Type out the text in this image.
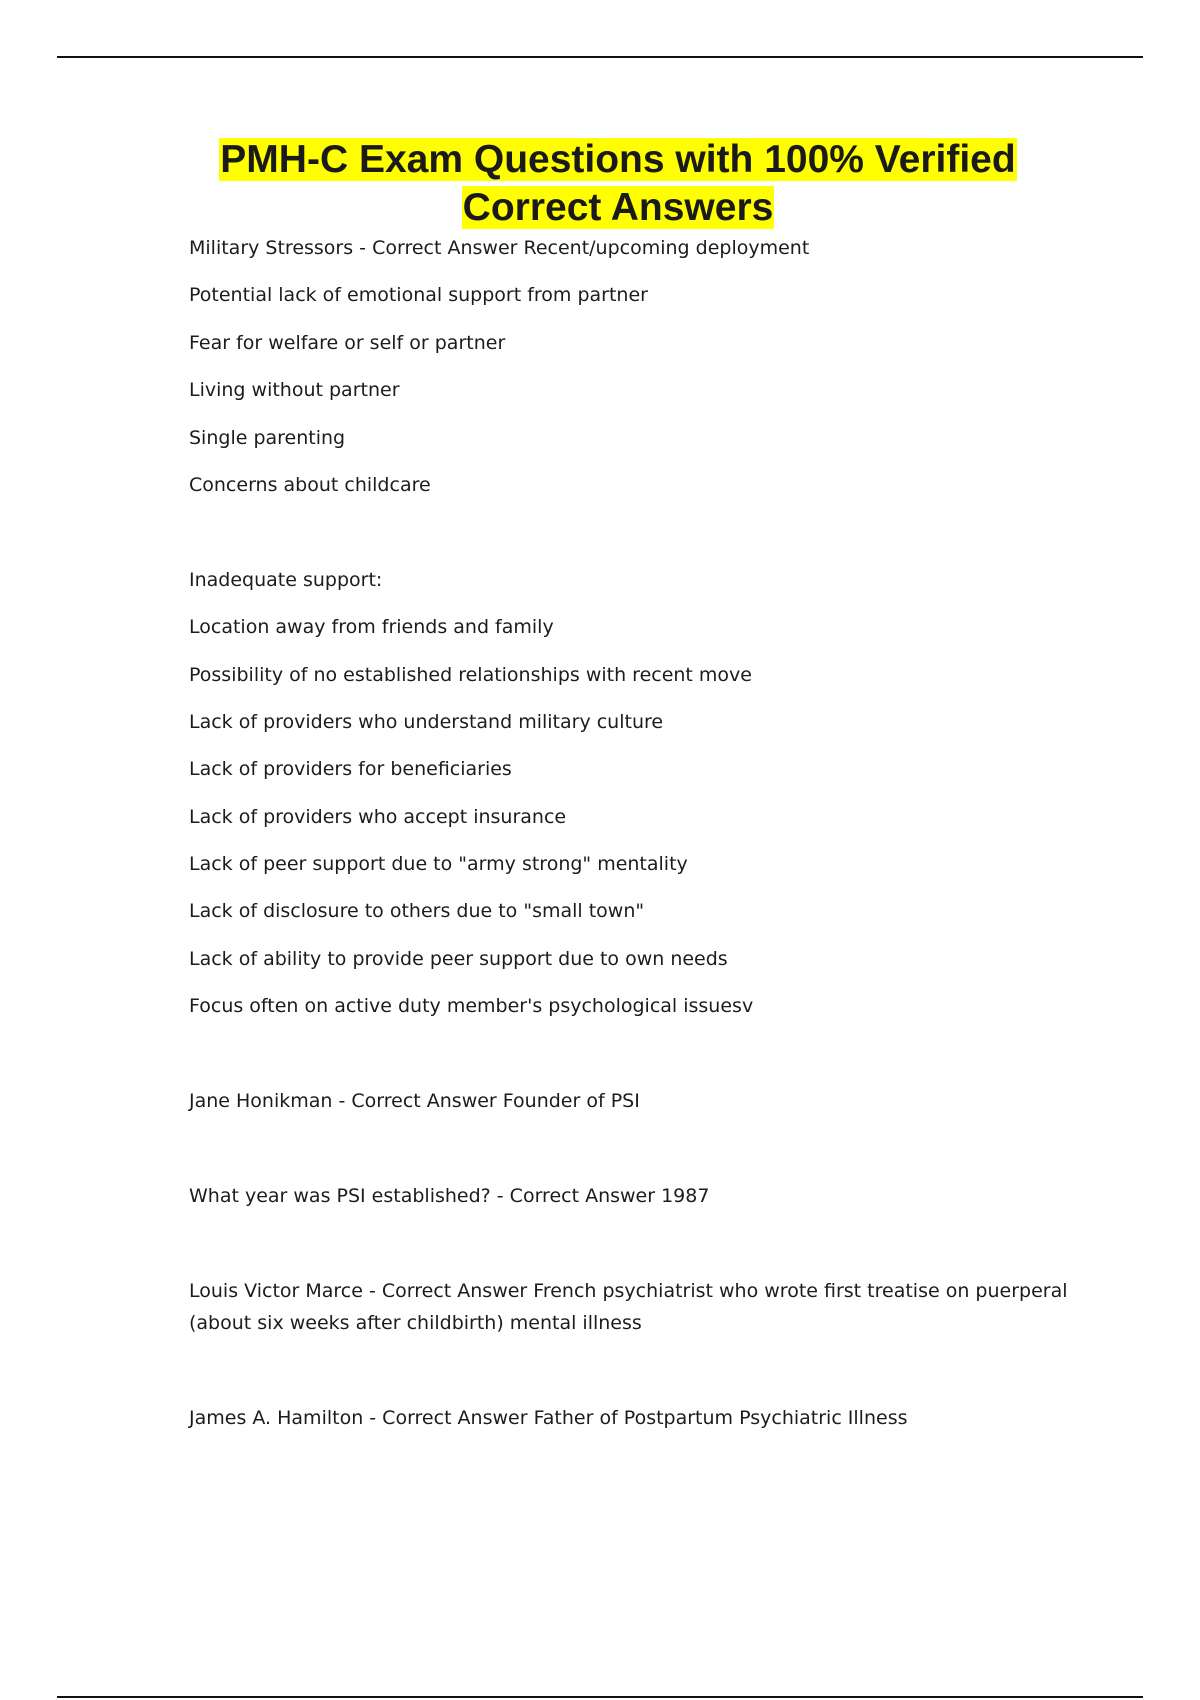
PMH-C Exam Questions with 100% Verified
Correct Answers

Military Stressors - Correct Answer Recent/upcoming deployment

Potential lack of emotional support from partner

Fear for welfare or self or partner

Living without partner

Single parenting

Concerns about childcare

Inadequate support:

Location away from friends and family

Possibility of no established relationships with recent move

Lack of providers who understand military culture

Lack of providers for beneficiaries

Lack of providers who accept insurance

Lack of peer support due to "army strong" mentality

Lack of disclosure to others due to "small town"

Lack of ability to provide peer support due to own needs

Focus often on active duty member's psychological issuesv

Jane Honikman - Correct Answer Founder of PSI

What year was PSI established? - Correct Answer 1987

Louis Victor Marce - Correct Answer French psychiatrist who wrote first treatise on puerperal (about six weeks after childbirth) mental illness

James A. Hamilton - Correct Answer Father of Postpartum Psychiatric Illness
